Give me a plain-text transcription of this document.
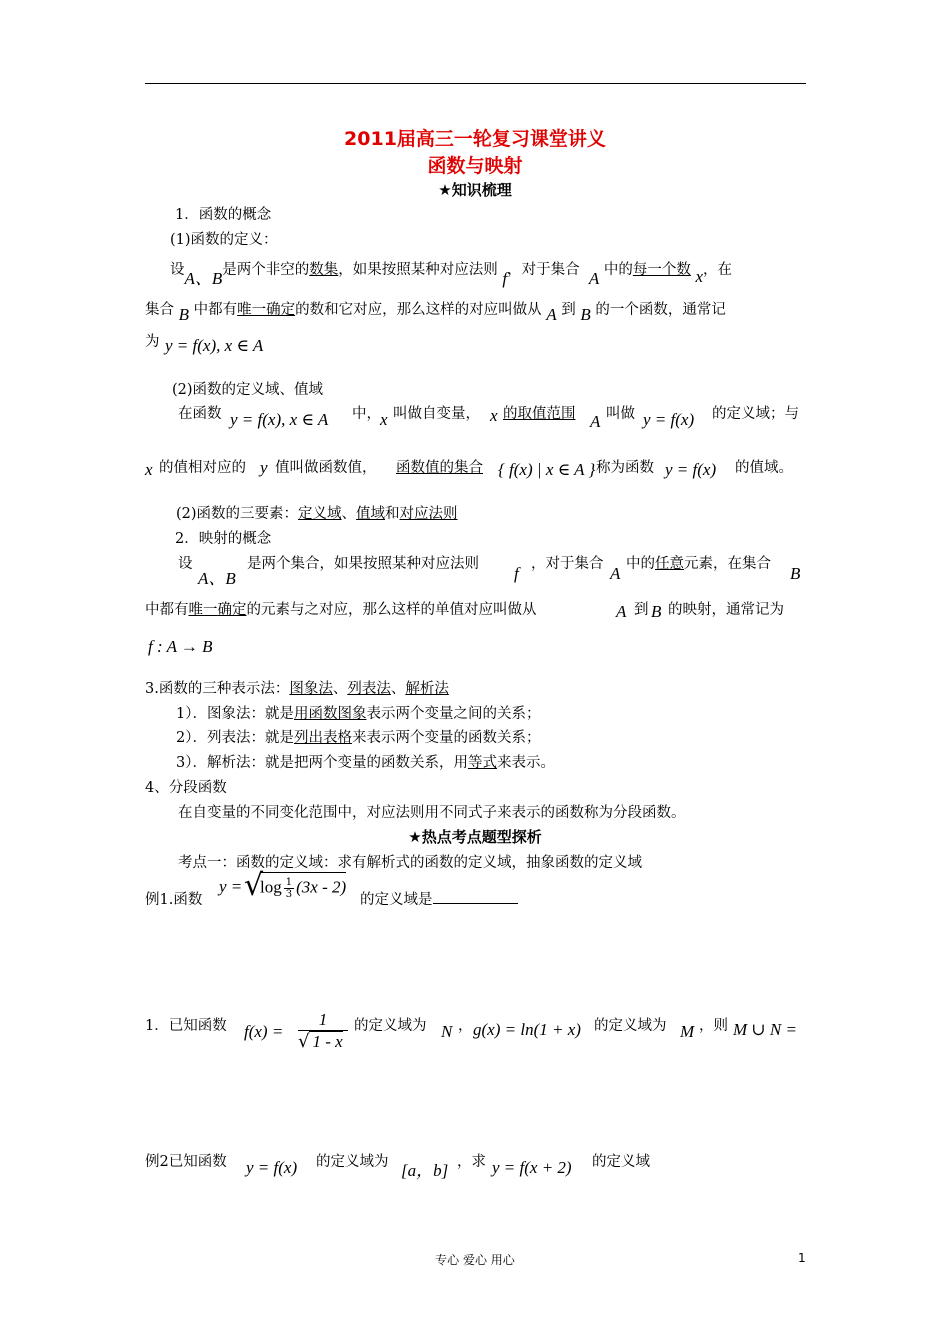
2011届高三一轮复习课堂讲义
函数与映射
★知识梳理
1．函数的概念
(1)函数的定义：
设A、B是两个非空的数集，如果按照某种对应法则 f，对于集合 A 中的每一个数 x，在
集合 B 中都有唯一确定的数和它对应，那么这样的对应叫做从 A 到 B 的一个函数，通常记
为 y = f(x), x ∈ A
(2)函数的定义域、值域
在函数 y = f(x), x ∈ A 中， x 叫做自变量， x 的取值范围 A 叫做 y = f(x) 的定义域；与
x 的值相对应的 y 值叫做函数值， 函数值的集合 { f(x) | x ∈ A } 称为函数 y = f(x) 的值域。
(2)函数的三要素：定义域、值域和对应法则
2．映射的概念
设
A、B
是两个集合，如果按照某种对应法则 f ，对于集合 A 中的任意元素，在集合 B
中都有唯一确定的元素与之对应，那么这样的单值对应叫做从	A 到 B 的映射，通常记为
f : A → B
3.函数的三种表示法：图象法、列表法、解析法
1）．图象法：就是用函数图象表示两个变量之间的关系；
2）．列表法：就是列出表格来表示两个变量的函数关系；
3）．解析法：就是把两个变量的函数关系，用等式来表示。
4、分段函数
在自变量的不同变化范围中，对应法则用不同式子来表示的函数称为分段函数。
★热点考点题型探析
考点一：函数的定义域：求有解析式的函数的定义域，抽象函数的定义域
例1.函数
y = √
$\log \frac{1}{3} (3x - 2)$
的定义域是
1．已知函数 f(x) =
1
√ 1 - x
的定义域为 N ， g(x) = ln(1 + x) 的定义域为 M ，则 M ∪ N =
例2已知函数 y = f(x) 的定义域为 [a，b] ，求 y = f(x + 2) 的定义域
专心 爱心 用心	1
